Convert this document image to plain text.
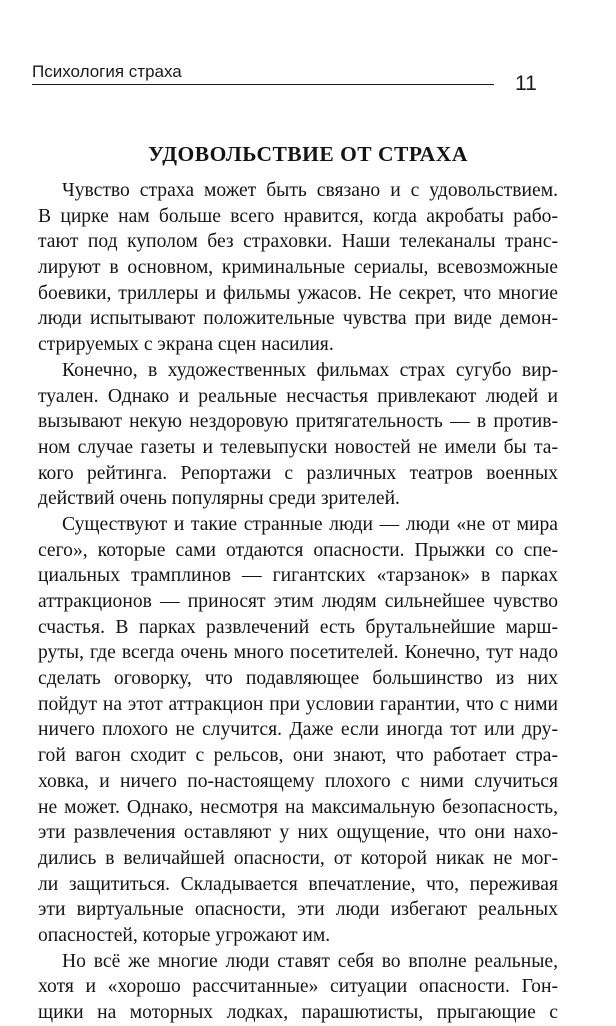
Психология страха
11
УДОВОЛЬСТВИЕ ОТ СТРАХА
Чувство страха может быть связано и с удовольствием.
В цирке нам больше всего нравится, когда акробаты рабо-
тают под куполом без страховки. Наши телеканалы транс-
лируют в основном, криминальные сериалы, всевозможные
боевики, триллеры и фильмы ужасов. Не секрет, что многие
люди испытывают положительные чувства при виде демон-
стрируемых с экрана сцен насилия.
Конечно, в художественных фильмах страх сугубо вир-
туален. Однако и реальные несчастья привлекают людей и
вызывают некую нездоровую притягательность — в против-
ном случае газеты и телевыпуски новостей не имели бы та-
кого рейтинга. Репортажи с различных театров военных
действий очень популярны среди зрителей.
Существуют и такие странные люди — люди «не от мира
сего», которые сами отдаются опасности. Прыжки со спе-
циальных трамплинов — гигантских «тарзанок» в парках
аттракционов — приносят этим людям сильнейшее чувство
счастья. В парках развлечений есть брутальнейшие марш-
руты, где всегда очень много посетителей. Конечно, тут надо
сделать оговорку, что подавляющее большинство из них
пойдут на этот аттракцион при условии гарантии, что с ними
ничего плохого не случится. Даже если иногда тот или дру-
гой вагон сходит с рельсов, они знают, что работает стра-
ховка, и ничего по-настоящему плохого с ними случиться
не может. Однако, несмотря на максимальную безопасность,
эти развлечения оставляют у них ощущение, что они нахо-
дились в величайшей опасности, от которой никак не мог-
ли защититься. Складывается впечатление, что, переживая
эти виртуальные опасности, эти люди избегают реальных
опасностей, которые угрожают им.
Но всё же многие люди ставят себя во вполне реальные,
хотя и «хорошо рассчитанные» ситуации опасности. Гон-
щики на моторных лодках, парашютисты, прыгающие с
